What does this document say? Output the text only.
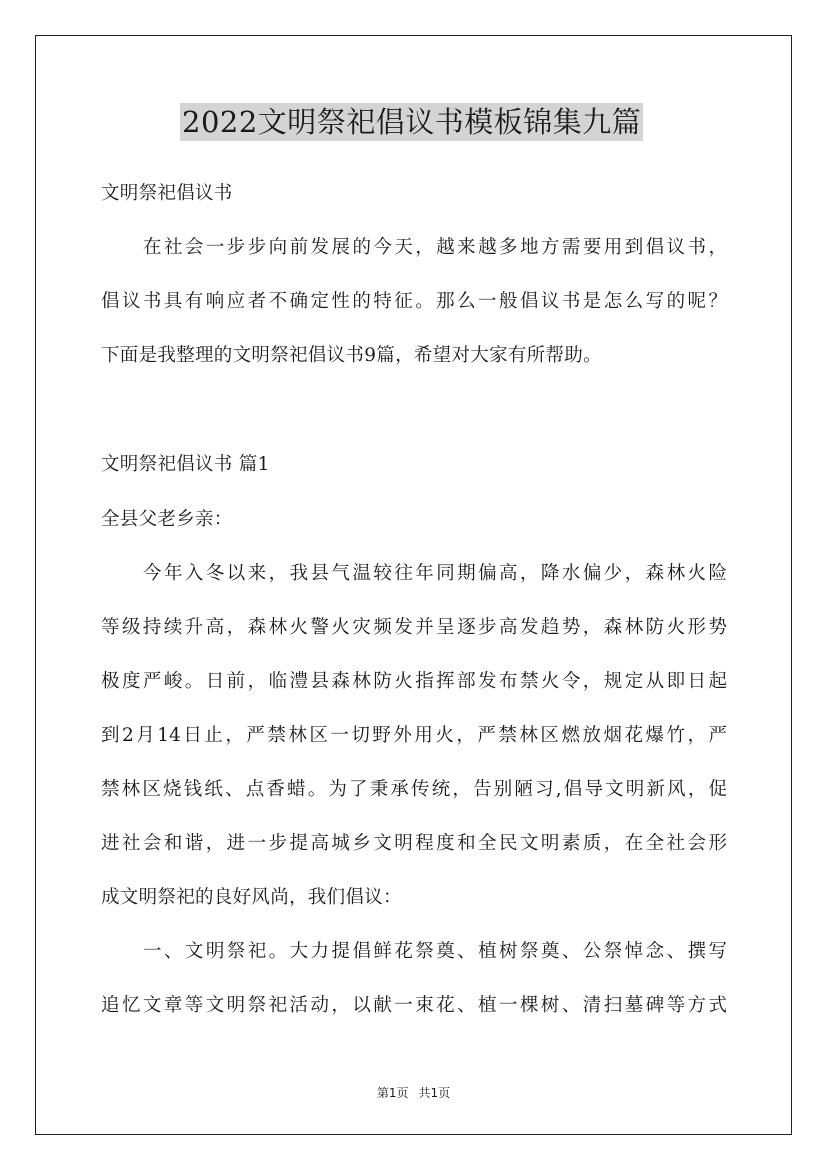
2022文明祭祀倡议书模板锦集九篇
文明祭祀倡议书
在社会一步步向前发展的今天，越来越多地方需要用到倡议书，
倡议书具有响应者不确定性的特征。那么一般倡议书是怎么写的呢？
下面是我整理的文明祭祀倡议书9篇，希望对大家有所帮助。
文明祭祀倡议书 篇1
全县父老乡亲：
今年入冬以来，我县气温较往年同期偏高，降水偏少，森林火险
等级持续升高，森林火警火灾频发并呈逐步高发趋势，森林防火形势
极度严峻。日前，临澧县森林防火指挥部发布禁火令，规定从即日起
到2月14日止，严禁林区一切野外用火，严禁林区燃放烟花爆竹，严
禁林区烧钱纸、点香蜡。为了秉承传统，告别陋习,倡导文明新风，促
进社会和谐，进一步提高城乡文明程度和全民文明素质，在全社会形
成文明祭祀的良好风尚，我们倡议：
一、文明祭祀。大力提倡鲜花祭奠、植树祭奠、公祭悼念、撰写
追忆文章等文明祭祀活动，以献一束花、植一棵树、清扫墓碑等方式
第1页 共1页
